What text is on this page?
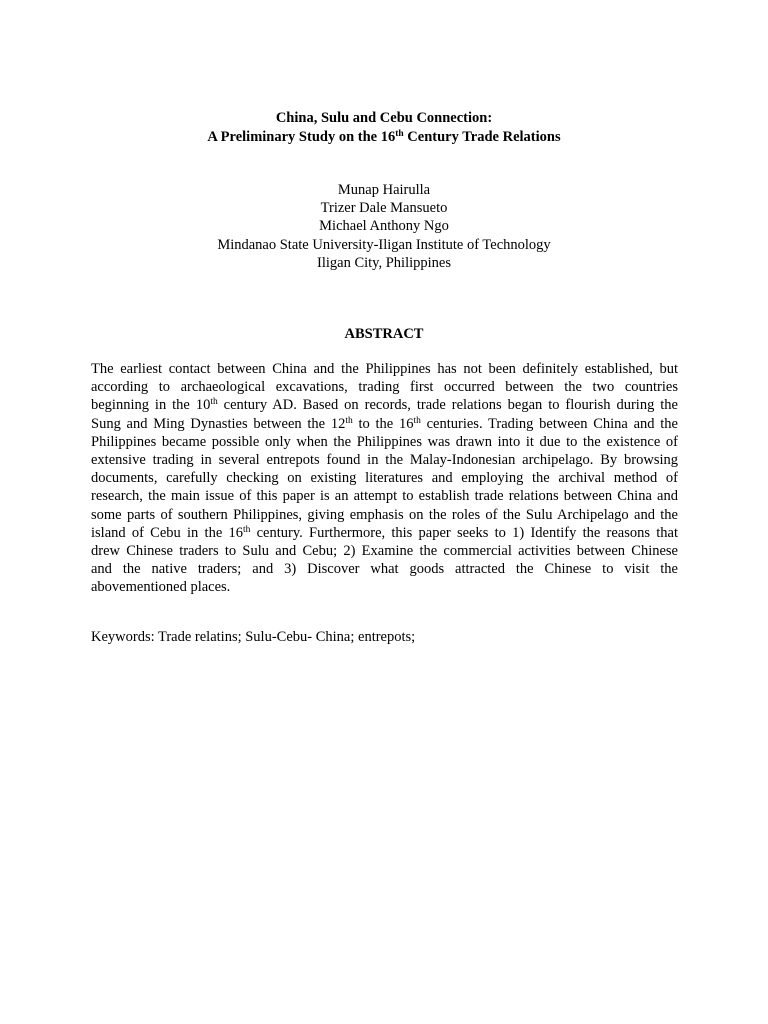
China, Sulu and Cebu Connection:
A Preliminary Study on the 16th Century Trade Relations
Munap Hairulla
Trizer Dale Mansueto
Michael Anthony Ngo
Mindanao State University-Iligan Institute of Technology
Iligan City, Philippines
ABSTRACT
The earliest contact between China and the Philippines has not been definitely established, but
according to archaeological excavations, trading first occurred between the two countries
beginning in the 10th century AD. Based on records, trade relations began to flourish during the
Sung and Ming Dynasties between the 12th to the 16th centuries. Trading between China and the
Philippines became possible only when the Philippines was drawn into it due to the existence of
extensive trading in several entrepots found in the Malay-Indonesian archipelago. By browsing
documents, carefully checking on existing literatures and employing the archival method of
research, the main issue of this paper is an attempt to establish trade relations between China and
some parts of southern Philippines, giving emphasis on the roles of the Sulu Archipelago and the
island of Cebu in the 16th century. Furthermore, this paper seeks to 1) Identify the reasons that
drew Chinese traders to Sulu and Cebu; 2) Examine the commercial activities between Chinese
and the native traders; and 3) Discover what goods attracted the Chinese to visit the
abovementioned places.
Keywords: Trade relatins; Sulu-Cebu- China; entrepots;
